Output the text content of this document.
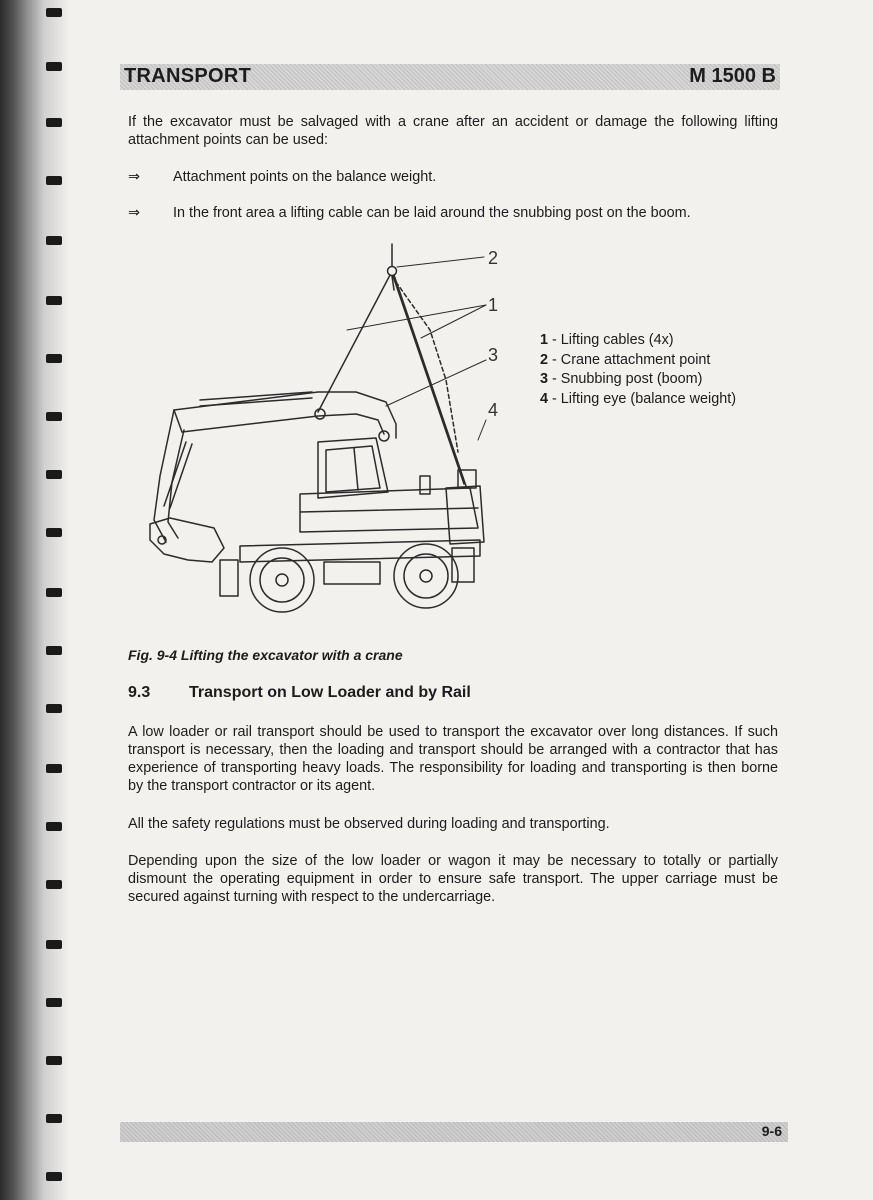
TRANSPORT	M 1500 B
If the excavator must be salvaged with a crane after an accident or damage the following lifting attachment points can be used:
⇒ Attachment points on the balance weight.
⇒ In the front area a lifting cable can be laid around the snubbing post on the boom.
2
1
3
4
1 - Lifting cables (4x)
2 - Crane attachment point
3 - Snubbing post (boom)
4 - Lifting eye (balance weight)
Fig. 9-4 Lifting the excavator with a crane
9.3 Transport on Low Loader and by Rail
A low loader or rail transport should be used to transport the excavator over long distances. If such transport is necessary, then the loading and transport should be arranged with a contractor that has experience of transporting heavy loads. The responsibility for loading and transporting is then borne by the transport contractor or its agent.
All the safety regulations must be observed during loading and transporting.
Depending upon the size of the low loader or wagon it may be necessary to totally or partially dismount the operating equipment in order to ensure safe transport. The upper carriage must be secured against turning with respect to the undercarriage.
9-6
